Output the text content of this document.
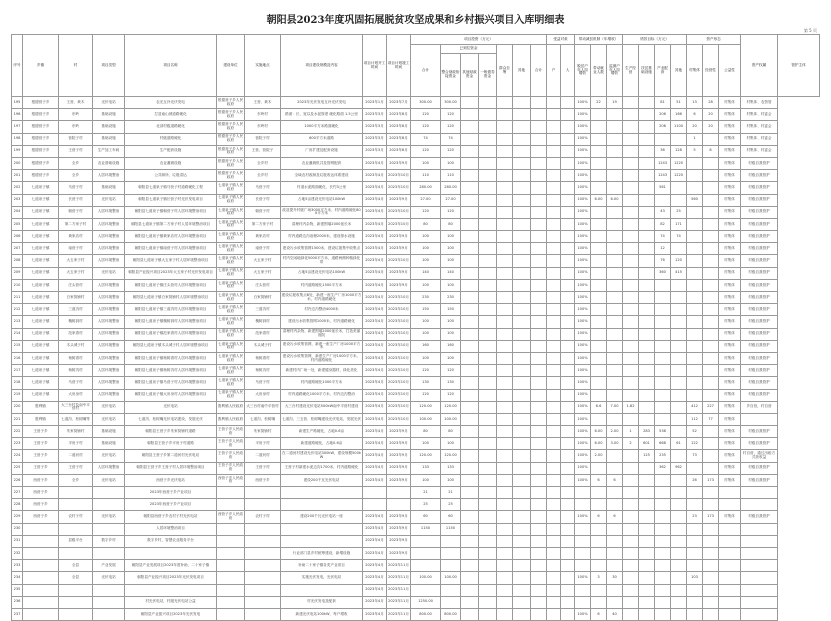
朝阳县2023年度巩固拓展脱贫攻坚成果和乡村振兴项目入库明细表
第 5 页
序号	乡镇	村	项目类型	项目名称	建设单位	实施地点	项目建设规模及内容	项目计划开工时间	项目计划竣工时间	项目投资（万元）							受益对象		带动减贫机制（年增收）			绩效目标（万元）				资产形态			资产权属	管护主体
										合计	已到位资金			群众自筹	其他	合计	户	人	脱贫户年人均增收	带动就业人数	监测户年人均增收	生产经营	扶贫基础设施	产业配套	其他	村集体	经营性	公益性		
											整合财政衔接资金	其他财政资金	一般债券资金																	
195	根德营子乡	王营、黄木	光伏电站	农光互补光伏发电	根德营子乡人民政府	王营、黄木	2023年光伏发电互补光伏发电	2023年1月	2023年7月	300.00	300.00								100%	22	19			81	51	13	28	村集体	村集体、农资管	
196	根德营子乡	东岭	基础设施	打造南山坡道路硬化	根德营子乡人民政府	东岭村	路面：长、宽以及水泥厚度 硬化路面 1.5公里	2023年3月	2023年8月	120	120								100%					206	166	6	20	村集体	村集体、村委会	
197	根德营子乡	东岭	基础设施	北部村级道路硬化	根德营子乡人民政府	东岭村	1000平方米路面硬化	2023年3月	2023年8月	120	120								100%					206	1100	20	20	村集体	村集体、村委会	
198	根德营子乡	营院子村	基础设施	村级道路硬化	根德营子乡人民政府	营院子村	600平方米道路	2023年3月	2023年8月	74	74								100%							1		村集体	村集体、村委会	
199	根德营子乡	王营子村	生产加工车间	生产配套设施	根德营子乡人民政府	王营、营院子	厂房扩建及配套设施	2023年3月	2023年8月	120	120								100%					36	128	5	8	村集体	村集体、村委会	
200	根德营子乡	全乡	农业基础设施	农业灌溉设施	根德营子乡人民政府	全乡村	农业灌溉机井及管网配套	2023年4月	2023年9月	100	100								100%					1243	1220			村集体	村级自我管护	
201	根德营子乡	全乡	人居环境整治	公共厕所、垃圾清运	根德营子乡人民政府	全乡村	全域农村改厕及垃圾收运体系建设	2023年4月	2023年10月	110	110								100%					1243	1220			村集体	村级自我管护	
202	七道泉子镇	马营子村	基础设施	朝阳县七道泉子镇马营子村道路硬化工程	七道泉子镇人民政府	马营子村	村道水泥路面硬化，长约3公里	2023年4月	2023年10月	280.00	280.00								100%					561				村集体	村级自我管护	
203	七道泉子镇	长营子村	光伏电站	朝阳县七道泉子镇长营子村光伏发电项目	七道泉子镇人民政府	长营子村	占地5亩建设光伏电站100kW	2023年4月	2023年9月	27.00	27.00								100%	6.00	6.00					560		村集体	村级自我管护	
204	七道泉子镇	朝营子村	人居环境整治	朝阳县七道泉子镇朝营子村人居环境整治项目	七道泉子镇人民政府	朝营子村	改造提升村级广场3000平方米，村内道路硬化800平方米	2023年4月	2023年10月	120	120								100%					43	25			村集体	村级自我管护	
205	七道泉子镇	第二方家子村	人居环境整治	朝阳县七道泉子镇第二方家子村人居环境整治项目	七道泉子镇人民政府	第二方家子村	清理村内杂物，新建围墙2000延长米	2023年4月	2023年10月	80	80								100%					82	171			村集体	村级自我管护	
206	七道泉子镇	黄家店村	人居环境整治	朝阳县七道泉子镇黄家店村人居环境整治项目	七道泉子镇人民政府	黄家店村	村内道路边沟治理2000米，建设排水设施	2023年4月	2023年9月	100	100								100%					74	74			村集体	村级自我管护	
207	七道泉子镇	南营子村	人居环境整治	朝阳县七道泉子镇南营子村人居环境整治项目	七道泉子镇人民政府	南营子村	建设污水收集管网1500米，建设垃圾集中收集点	2023年4月	2023年9月	100	100								100%					12				村集体	村级自我管护	
208	七道泉子镇	大五家子村	人居环境整治	朝阳县七道泉子镇大五家子村人居环境整治项目	七道泉子镇人民政府	大五家子村	村内空闲地绿化5000平方米，道路两侧种植绿化带	2023年4月	2023年10月	100	100								100%					76	120			村集体	村级自我管护	
209	七道泉子镇	大五家子村	光伏电站	朝阳县产业振兴项目2023年大五家子村光伏发电项目	七道泉子镇人民政府	大五家子村	占地5亩建设光伏电站100kW	2023年4月	2023年9月	140	140								100%					360	415			村集体	村级自我管护	
210	七道泉子镇	庄头营村	人居环境整治	朝阳县七道泉子镇庄头营村人居环境整治项目	七道泉子镇人民政府	庄头营村	村内道路硬化1500平方米	2023年4月	2023年9月	100	100								100%									村集体	村级自我管护	
211	七道泉子镇	白家窝铺村	人居环境整治	朝阳县七道泉子镇白家窝铺村人居环境整治项目	七道泉子镇人民政府	白家窝铺村	建设垃圾收集点8处，新建一座生产厂房1000平方米，村内道路硬化	2023年4月	2023年10月	230	230								100%									村集体	村级自我管护	
212	七道泉子镇	三道沟村	人居环境整治	朝阳县七道泉子镇三道沟村人居环境整治项目	七道泉子镇人民政府	三道沟村	村内边沟整治4000米	2023年4月	2023年10月	150	150								100%									村集体	村级自我管护	
213	七道泉子镇	槐树洞村	人居环境整治	朝阳县七道泉子镇槐树洞村人居环境整治项目	七道泉子镇人民政府	槐树洞村	建设污水收集管网1000米，村内道路硬化	2023年4月	2023年10月	100	100								100%									村集体	村级自我管护	
214	七道泉子镇	范家湾村	人居环境整治	朝阳县七道泉子镇范家湾村人居环境整治项目	七道泉子镇人民政府	范家湾村	清理村内杂物，新建围墙2000延长米，打造美丽庭院	2023年4月	2023年10月	100	100								100%									村集体	村级自我管护	
215	七道泉子镇	木头城子村	人居环境整治	朝阳县七道泉子镇木头城子村人居环境整治项目	七道泉子镇人民政府	木头城子村	建设污水收集管网，新建一座生产厂房1000平方米	2023年4月	2023年10月	160	160								100%									村集体	村级自我管护	
216	七道泉子镇	杨树湾村	人居环境整治	朝阳县七道泉子镇杨树湾村人居环境整治项目	七道泉子镇人民政府	杨树湾村	建设污水收集管网，新建生产厂房1000平方米，村内道路硬化	2023年4月	2023年10月	100	100								100%									村集体	村级自我管护	
217	七道泉子镇	杨树沟村	人居环境整治	朝阳县七道泉子镇杨树沟村人居环境整治项目	七道泉子镇人民政府	杨树沟村	新建村内广场一处，新建健身器材，绿化美化	2023年4月	2023年10月	120	120								100%									村集体	村级自我管护	
218	七道泉子镇	马营子村	人居环境整治	朝阳县七道泉子镇马营子村人居环境整治项目	七道泉子镇人民政府	马营子村	村内道路硬化1000平方米	2023年4月	2023年10月	130	130								100%									村集体	村级自我管护	
219	七道泉子镇	大房身村	人居环境整治	朝阳县七道泉子镇大房身村人居环境整治项目	七道泉子镇人民政府	大房身村	村内道路硬化1000平方米，村内边沟整治	2023年4月	2023年10月	120	120								100%									村集体	村级自我管护	
220	胜利镇	大三台村及南中平营村	光伏电站	光伏电站	胜利镇人民政府	大三台村南中平营村	大三台村建设光伏电站500kW南中平营村建设	2023年4月	2023年10月	120.00	120.00								100%	6.6	7.00	1.82				412	227	村集体	乡自营，村自营	
221	胜利镇	七道沟、松树嘴等	光伏电站	七道沟、松树嘴光伏电站建设，发展光伏	胜利镇人民政府	七道沟、松树嘴	七道沟、三五营、松树嘴建设光伏电站，发展光伏	2023年4月	2023年10月	100.00	100.00								100%							112	77	村集体		
222	王营子乡	朱家窝铺村	基础设施	朝阳县王营子乡朱家窝铺村道路	王营子乡人民政府	朱家窝铺村	新建生产路硬化，占地0.6亩	2023年4月	2023年9月	80	80								100%	6.00	2.00	1	283	536		52		村集体	村级自我管护	
223	王营子乡	平房子村	基础设施	朝阳县王营子乡平房子村道路	王营子乡人民政府	平房子村	新建道路硬化，占地0.6亩	2023年4月	2023年9月	100	100								100%	6.00	3.00	2	601	668	61	122		村集体	村级自我管护	
224	王营子乡	二道河村	光伏电站	朝阳县王营子乡第二道河村光伏电站	王营子乡人民政府	二道河村	在二道河村建设光伏电站300kW，建设规模500kW	2023年4月	2023年9月	120.00	120.00								100%	2.00			125	235		73		村集体	村自营，通过出租方式获收益	
225	王营子乡	王营子村	人居环境整治	朝阳县王营子乡王营子村人居环境整治项目	王营子乡人民政府	王营子村	王营子村新建水泥边沟1700米，村内道路硬化	2023年4月	2023年9月	133	133								100%					362	962			村集体	村级自我管护	
226	西营子乡	全乡	光伏电站	西营子乡光伏电站	西营子乡人民政府	西营子乡	建设200千瓦光伏电站	2023年4月	2023年9月	100	100								100%	6	6					26	173	村集体	村级自我管护	
227	西营子乡			2023年西营子乡产业项目						21	21																			
228	西营子乡			2023年西营子乡产业项目						25	25																			
229	西营子乡	农村子村	光伏电站	朝阳县西营子乡农村子村光伏电站	西营子乡人民政府	农村子村	建设200千瓦光伏电站一座	2023年4月	2023年9月	60	60								100%	6	6					23	173	村集体	村级自我管护	
230				人居环境整治项目				2023年4月	2023年9月	1150	1150																			
231		县级平台	数字乡村	数字乡村，智慧农业服务平台				2023年4月	2023年9月																					
232							行业部门县乡村统筹建设，新增设施	2023年4月	2023年9月																					
233		全县	产业发展	朝阳县产业发展项目2023年度补助，二十家子镇			补助二十家子镇各类产业项目	2023年4月	2023年11月																					
234		全县	光伏电站	朝阳县产业振兴项目2023年光伏发电项目			实施光伏发电，光伏电站	2023年4月	2023年11月	100.00	100.00								100%	3	30					103				
235								2023年4月	2023年11月																					
236				村光伏电站，村级光伏电站公益			村光伏发电及配套	2023年4月	2023年11月	1250.00																				
237				朝阳县产业振兴项目2023年光伏发电			新建光伏电站100kW，每户增收	2023年4月	2023年11月	800.00	800.00								100%	6	40									
